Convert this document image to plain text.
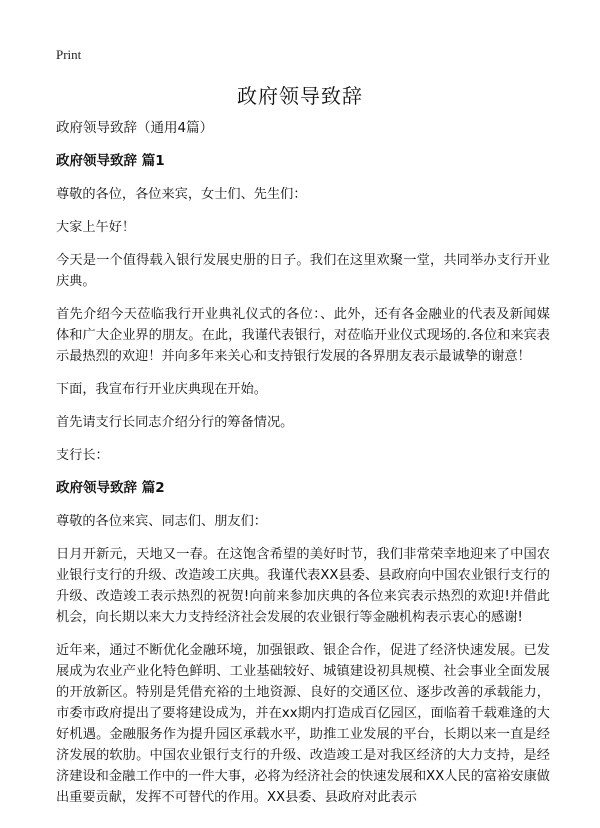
Print
政府领导致辞

政府领导致辞（通用4篇）

政府领导致辞 篇1

尊敬的各位，各位来宾，女士们、先生们：

大家上午好！

今天是一个值得载入银行发展史册的日子。我们在这里欢聚一堂，共同举办支行开业庆典。

首先介绍今天莅临我行开业典礼仪式的各位：、此外，还有各金融业的代表及新闻媒体和广大企业界的朋友。在此，我谨代表银行，对莅临开业仪式现场的.各位和来宾表示最热烈的欢迎！并向多年来关心和支持银行发展的各界朋友表示最诚挚的谢意！

下面，我宣布行开业庆典现在开始。

首先请支行长同志介绍分行的筹备情况。

支行长：

政府领导致辞 篇2

尊敬的各位来宾、同志们、朋友们：

日月开新元，天地又一春。在这饱含希望的美好时节，我们非常荣幸地迎来了中国农业银行支行的升级、改造竣工庆典。我谨代表XX县委、县政府向中国农业银行支行的升级、改造竣工表示热烈的祝贺!向前来参加庆典的各位来宾表示热烈的欢迎!并借此机会，向长期以来大力支持经济社会发展的农业银行等金融机构表示衷心的感谢!

近年来，通过不断优化金融环境，加强银政、银企合作，促进了经济快速发展。已发展成为农业产业化特色鲜明、工业基础较好、城镇建设初具规模、社会事业全面发展的开放新区。特别是凭借充裕的土地资源、良好的交通区位、逐步改善的承载能力，市委市政府提出了要将建设成为，并在xx期内打造成百亿园区，面临着千载难逢的大好机遇。金融服务作为提升园区承载水平，助推工业发展的平台，长期以来一直是经济发展的软肋。中国农业银行支行的升级、改造竣工是对我区经济的大力支持，是经济建设和金融工作中的一件大事，必将为经济社会的快速发展和XX人民的富裕安康做出重要贡献，发挥不可替代的作用。XX县委、县政府对此表示
